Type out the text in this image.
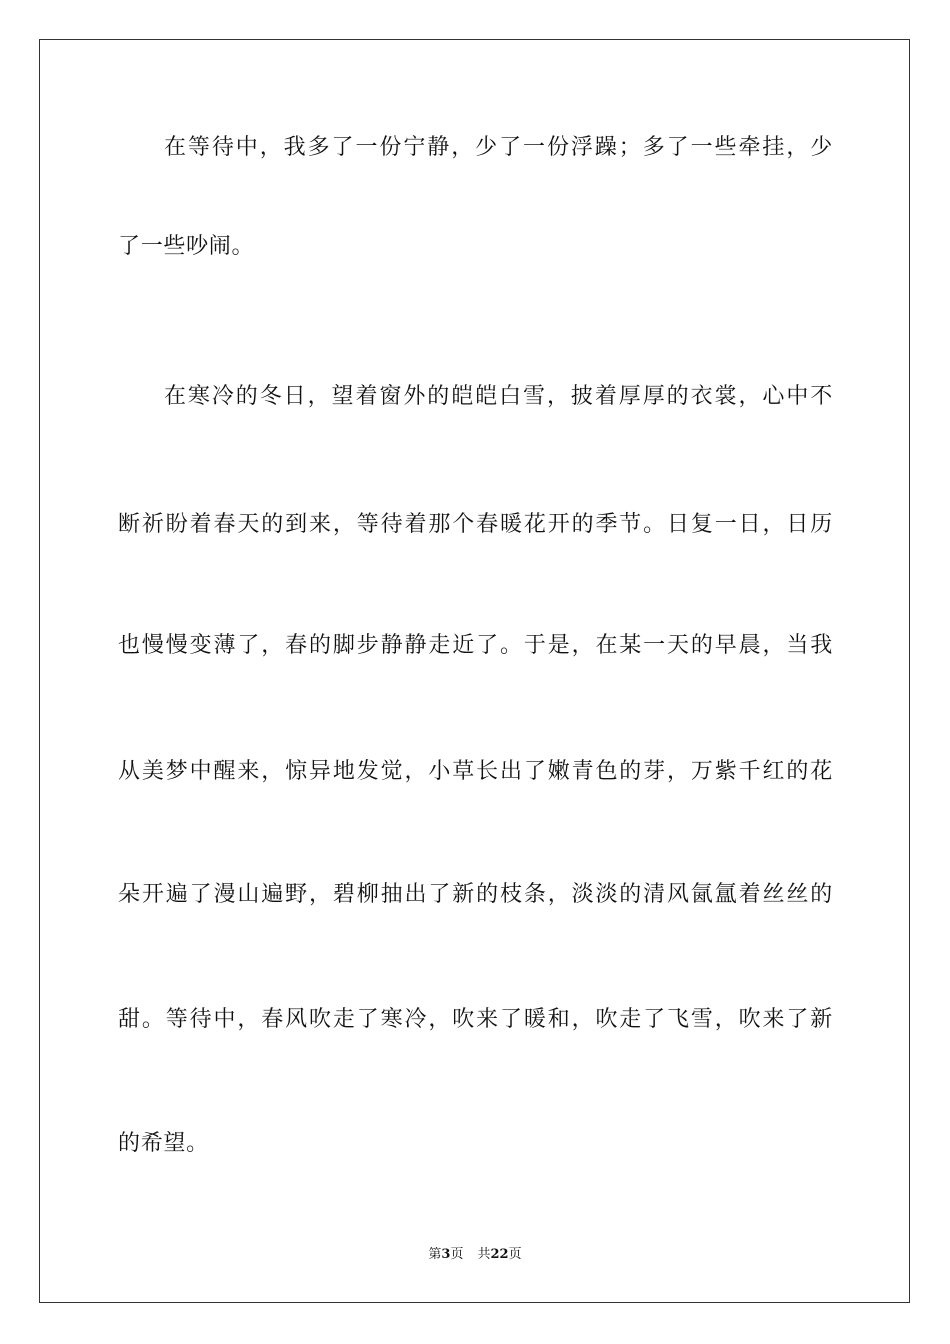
在等待中，我多了一份宁静，少了一份浮躁；多了一些牵挂，少
了一些吵闹。
在寒冷的冬日，望着窗外的皑皑白雪，披着厚厚的衣裳，心中不
断祈盼着春天的到来，等待着那个春暖花开的季节。日复一日，日历
也慢慢变薄了，春的脚步静静走近了。于是，在某一天的早晨，当我
从美梦中醒来，惊异地发觉，小草长出了嫩青色的芽，万紫千红的花
朵开遍了漫山遍野，碧柳抽出了新的枝条，淡淡的清风氤氲着丝丝的
甜。等待中，春风吹走了寒冷，吹来了暖和，吹走了飞雪，吹来了新
的希望。
第3页 共22页
